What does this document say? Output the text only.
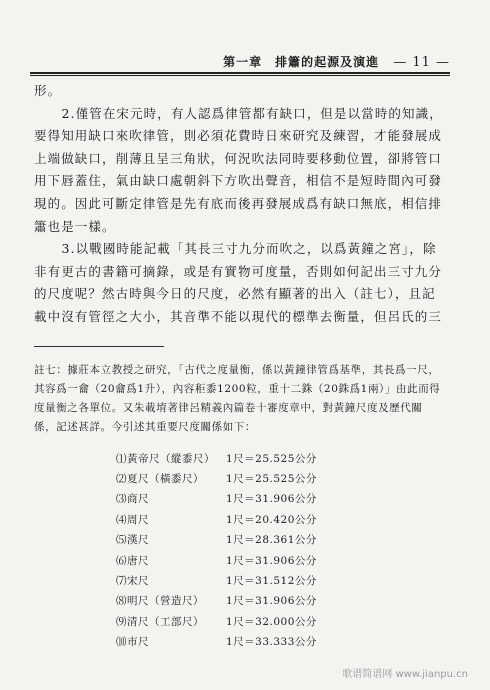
第一章　排簫的起源及演進 — 11 —

形。

2.僅管在宋元時，有人認爲律管都有缺口，但是以當時的知識，要得知用缺口來吹律管，則必須花費時日來研究及練習，才能發展成上端做缺口，削薄且呈三角狀，何況吹法同時要移動位置，卻將管口用下唇蓋住，氣由缺口處朝斜下方吹出聲音，相信不是短時間內可發現的。因此可斷定律管是先有底而後再發展成爲有缺口無底，相信排簫也是一樣。

3.以戰國時能記載「其長三寸九分而吹之，以爲黃鐘之宮」，除非有更古的書籍可摘錄，或是有實物可度量，否則如何記出三寸九分的尺度呢？然古時與今日的尺度，必然有顯著的出入（註七），且記載中沒有管徑之大小，其音準不能以現代的標準去衡量，但呂氏的三

註七：據莊本立教授之研究，「古代之度量衡，係以黃鐘律管爲基準，其長爲一尺，其容爲一龠（20龠爲1升），內容秬黍1200粒，重十二銖（20銖爲1兩）」由此而得度量衡之各單位。又朱載堉著律呂精義內篇卷十審度章中，對黃鐘尺度及歷代關係，記述甚詳。今引述其重要尺度關係如下：

⑴黃帝尺（縱黍尺）	1尺＝25.525公分
⑵夏尺（橫黍尺）	1尺＝25.525公分
⑶商尺	1尺＝31.906公分
⑷周尺	1尺＝20.420公分
⑸漢尺	1尺＝28.361公分
⑹唐尺	1尺＝31.906公分
⑺宋尺	1尺＝31.512公分
⑻明尺（營造尺）	1尺＝31.906公分
⑼清尺（工部尺）	1尺＝32.000公分
⑽市尺	1尺＝33.333公分
歌谱简谱网 www.jianpu.cn
